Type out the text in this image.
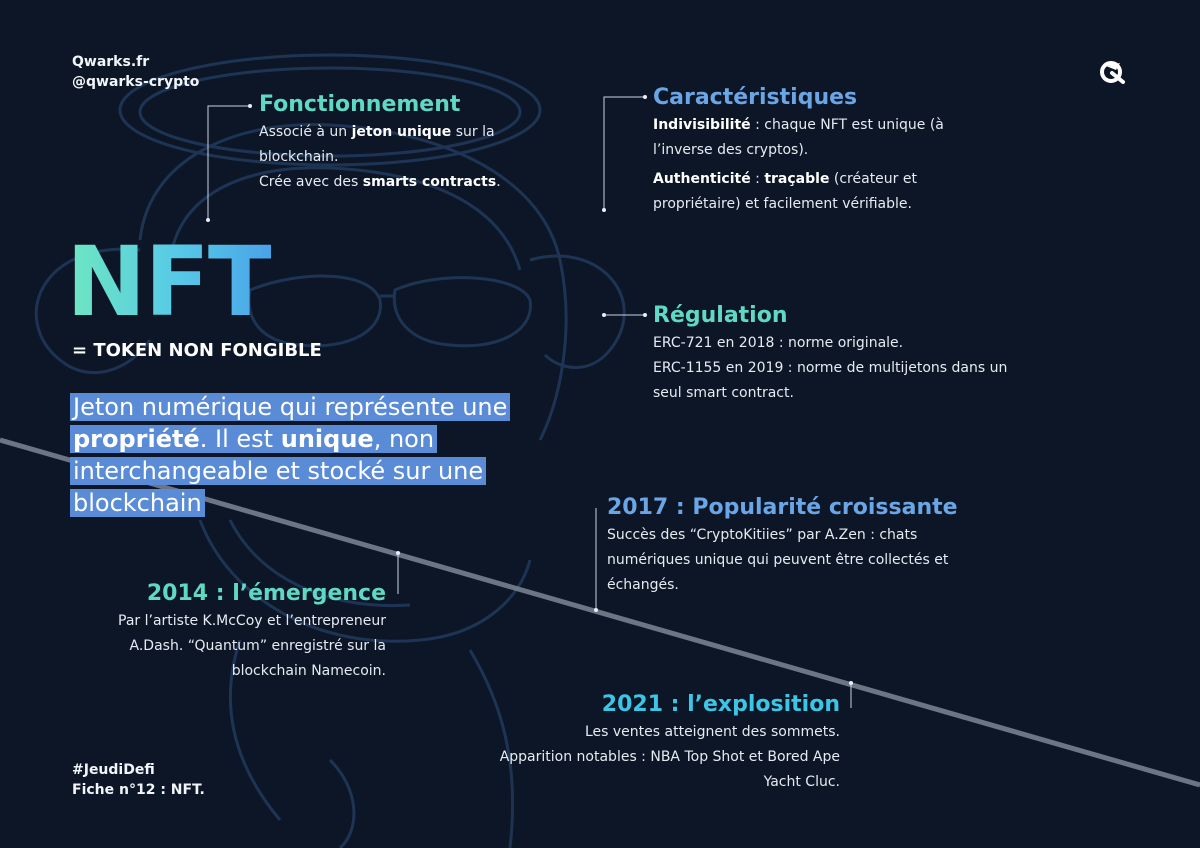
Qwarks.fr
@qwarks-crypto
Fonctionnement
Associé à un jeton unique sur la blockchain.
Crée avec des smarts contracts.
Caractéristiques
Indivisibilité : chaque NFT est unique (à l’inverse des cryptos).

Authenticité : traçable (créateur et propriétaire) et facilement vérifiable.
NFT
= TOKEN NON FONGIBLE
Jeton numérique qui représente une propriété. Il est unique, non interchangeable et stocké sur une blockchain
Régulation
ERC-721 en 2018 : norme originale.
ERC-1155 en 2019 : norme de multijetons dans un seul smart contract.
2017 : Popularité croissante
Succès des “CryptoKitiies” par A.Zen : chats numériques unique qui peuvent être collectés et échangés.
2014 : l’émergence
Par l’artiste K.McCoy et l’entrepreneur A.Dash. “Quantum” enregistré sur la blockchain Namecoin.
2021 : l’explosition
Les ventes atteignent des sommets.
Apparition notables : NBA Top Shot et Bored Ape Yacht Cluc.
#JeudiDefi
Fiche n°12 : NFT.
